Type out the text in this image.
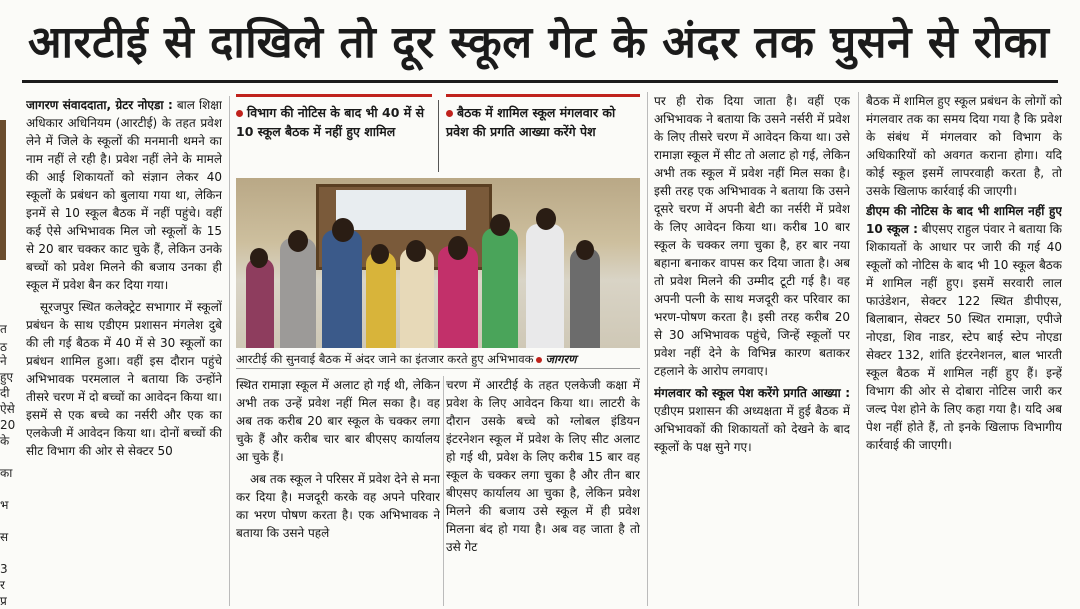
आरटीई से दाखिले तो दूर स्कूल गेट के अंदर तक घुसने से रोका
त
ठ

जागरण संवाददाता, ग्रेटर नोएडा : बाल शिक्षा अधिकार अधिनियम (आरटीई) के तहत प्रवेश लेने में जिले के स्कूलों की मनमानी थमने का नाम नहीं ले रही है। प्रवेश नहीं लेने के मामले की आई शिकायतों को संज्ञान लेकर 40 स्कूलों के प्रबंधन को बुलाया गया था, लेकिन इनमें से 10 स्कूल बैठक में नहीं पहुंचे। वहीं कई ऐसे अभिभावक मिल जो स्कूलों के 15 से 20 बार चक्कर काट चुके हैं, लेकिन उनके बच्चों को प्रवेश मिलने की बजाय उनका ही स्कूल में प्रवेश बैन कर दिया गया।

सूरजपुर स्थित कलेक्ट्रेट सभागार में स्कूलों प्रबंधन के साथ एडीएम प्रशासन मंगलेश दुबे की ली गई बैठक में 40 में से 30 स्कूलों का प्रबंधन शामिल हुआ। वहीं इस दौरान पहुंचे अभिभावक परमलाल ने बताया कि उन्होंने तीसरे चरण में दो बच्चों का आवेदन किया था। इसमें से एक बच्चे का नर्सरी और एक का एलकेजी में आवेदन किया था। दोनों बच्चों की सीट विभाग की ओर से सेक्टर 50

विभाग की नोटिस के बाद भी 40 में से 10 स्कूल बैठक में नहीं हुए शामिल
बैठक में शामिल स्कूल मंगलवार को प्रवेश की प्रगति आख्या करेंगे पेश
आरटीई की सुनवाई बैठक में अंदर जाने का इंतजार करते हुए अभिभावक जागरण

स्थित रामाज्ञा स्कूल में अलाट हो गई थी, लेकिन अभी तक उन्हें प्रवेश नहीं मिल सका है। वह अब तक करीब 20 बार स्कूल के चक्कर लगा चुके हैं और करीब चार बार बीएसए कार्यालय आ चुके हैं।

अब तक स्कूल ने परिसर में प्रवेश देने से मना कर दिया है। मजदूरी करके वह अपने परिवार का भरण पोषण करता है। एक अभिभावक ने बताया कि उसने पहले

चरण में आरटीई के तहत एलकेजी कक्षा में प्रवेश के लिए आवेदन किया था। लाटरी के दौरान उसके बच्चे को ग्लोबल इंडियन इंटरनेशन स्कूल में प्रवेश के लिए सीट अलाट हो गई थी, प्रवेश के लिए करीब 15 बार वह स्कूल के चक्कर लगा चुका है और तीन बार बीएसए कार्यालय आ चुका है, लेकिन प्रवेश मिलने की बजाय उसे स्कूल में ही प्रवेश मिलना बंद हो गया है। अब वह जाता है तो उसे गेट

पर ही रोक दिया जाता है। वहीं एक अभिभावक ने बताया कि उसने नर्सरी में प्रवेश के लिए तीसरे चरण में आवेदन किया था। उसे रामाज्ञा स्कूल में सीट तो अलाट हो गई, लेकिन अभी तक स्कूल में प्रवेश नहीं मिल सका है। इसी तरह एक अभिभावक ने बताया कि उसने दूसरे चरण में अपनी बेटी का नर्सरी में प्रवेश के लिए आवेदन किया था। करीब 10 बार स्कूल के चक्कर लगा चुका है, हर बार नया बहाना बनाकर वापस कर दिया जाता है। अब तो प्रवेश मिलने की उम्मीद टूटी गई है। वह अपनी पत्नी के साथ मजदूरी कर परिवार का भरण-पोषण करता है। इसी तरह करीब 20 से 30 अभिभावक पहुंचे, जिन्हें स्कूलों पर प्रवेश नहीं देने के विभिन्न कारण बताकर टहलाने के आरोप लगवाए।

मंगलवार को स्कूल पेश करेंगे प्रगति आख्या : एडीएम प्रशासन की अध्यक्षता में हुई बैठक में अभिभावकों की शिकायतों को देखने के बाद स्कूलों के पक्ष सुने गए।

बैठक में शामिल हुए स्कूल प्रबंधन के लोगों को मंगलवार तक का समय दिया गया है कि प्रवेश के संबंध में मंगलवार को विभाग के अधिकारियों को अवगत कराना होगा। यदि कोई स्कूल इसमें लापरवाही करता है, तो उसके खिलाफ कार्रवाई की जाएगी।

डीएम की नोटिस के बाद भी शामिल नहीं हुए 10 स्कूल : बीएसए राहुल पंवार ने बताया कि शिकायतों के आधार पर जारी की गई 40 स्कूलों को नोटिस के बाद भी 10 स्कूल बैठक में शामिल नहीं हुए। इसमें सरवारी लाल फाउंडेशन, सेक्टर 122 स्थित डीपीएस, बिलाबान, सेक्टर 50 स्थित रामाज्ञा, एपीजे नोएडा, शिव नाडर, स्टेप बाई स्टेप नोएडा सेक्टर 132, शांति इंटरनेशनल, बाल भारती स्कूल बैठक में शामिल नहीं हुए हैं। इन्हें विभाग की ओर से दोबारा नोटिस जारी कर जल्द पेश होने के लिए कहा गया है। यदि अब पेश नहीं होते हैं, तो इनके खिलाफ विभागीय कार्रवाई की जाएगी।

ने
हुए
दी
ऐसे
20
के
का
भ
स
3
र
प्र
